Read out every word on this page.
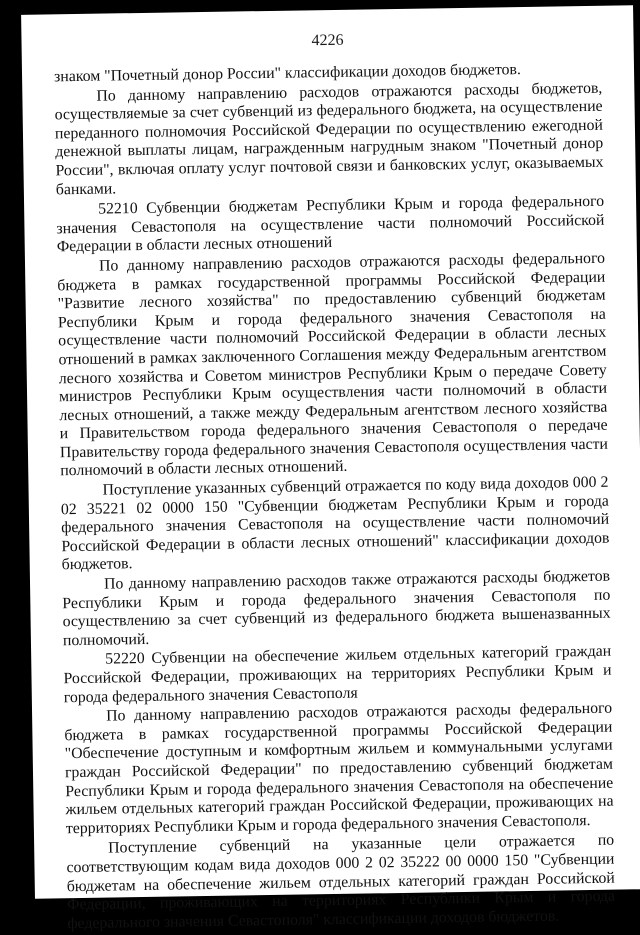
4226

знаком "Почетный донор России" классификации доходов бюджетов.

По данному направлению расходов отражаются расходы бюджетов, осуществляемые за счет субвенций из федерального бюджета, на осуществление переданного полномочия Российской Федерации по осуществлению ежегодной денежной выплаты лицам, награжденным нагрудным знаком "Почетный донор России", включая оплату услуг почтовой связи и банковских услуг, оказываемых банками.

52210 Субвенции бюджетам Республики Крым и города федерального значения Севастополя на осуществление части полномочий Российской Федерации в области лесных отношений

По данному направлению расходов отражаются расходы федерального бюджета в рамках государственной программы Российской Федерации "Развитие лесного хозяйства" по предоставлению субвенций бюджетам Республики Крым и города федерального значения Севастополя на осуществление части полномочий Российской Федерации в области лесных отношений в рамках заключенного Соглашения между Федеральным агентством лесного хозяйства и Советом министров Республики Крым о передаче Совету министров Республики Крым осуществления части полномочий в области лесных отношений, а также между Федеральным агентством лесного хозяйства и Правительством города федерального значения Севастополя о передаче Правительству города федерального значения Севастополя осуществления части полномочий в области лесных отношений.

Поступление указанных субвенций отражается по коду вида доходов 000 2 02 35221 02 0000 150 "Субвенции бюджетам Республики Крым и города федерального значения Севастополя на осуществление части полномочий Российской Федерации в области лесных отношений" классификации доходов бюджетов.

По данному направлению расходов также отражаются расходы бюджетов Республики Крым и города федерального значения Севастополя по осуществлению за счет субвенций из федерального бюджета вышеназванных полномочий.

52220 Субвенции на обеспечение жильем отдельных категорий граждан Российской Федерации, проживающих на территориях Республики Крым и города федерального значения Севастополя

По данному направлению расходов отражаются расходы федерального бюджета в рамках государственной программы Российской Федерации "Обеспечение доступным и комфортным жильем и коммунальными услугами граждан Российской Федерации" по предоставлению субвенций бюджетам Республики Крым и города федерального значения Севастополя на обеспечение жильем отдельных категорий граждан Российской Федерации, проживающих на территориях Республики Крым и города федерального значения Севастополя.

Поступление субвенций на указанные цели отражается по соответствующим кодам вида доходов 000 2 02 35222 00 0000 150 "Субвенции бюджетам на обеспечение жильем отдельных категорий граждан Российской Федерации, проживающих на территориях Республики Крым и города федерального значения Севастополя" классификации доходов бюджетов.
